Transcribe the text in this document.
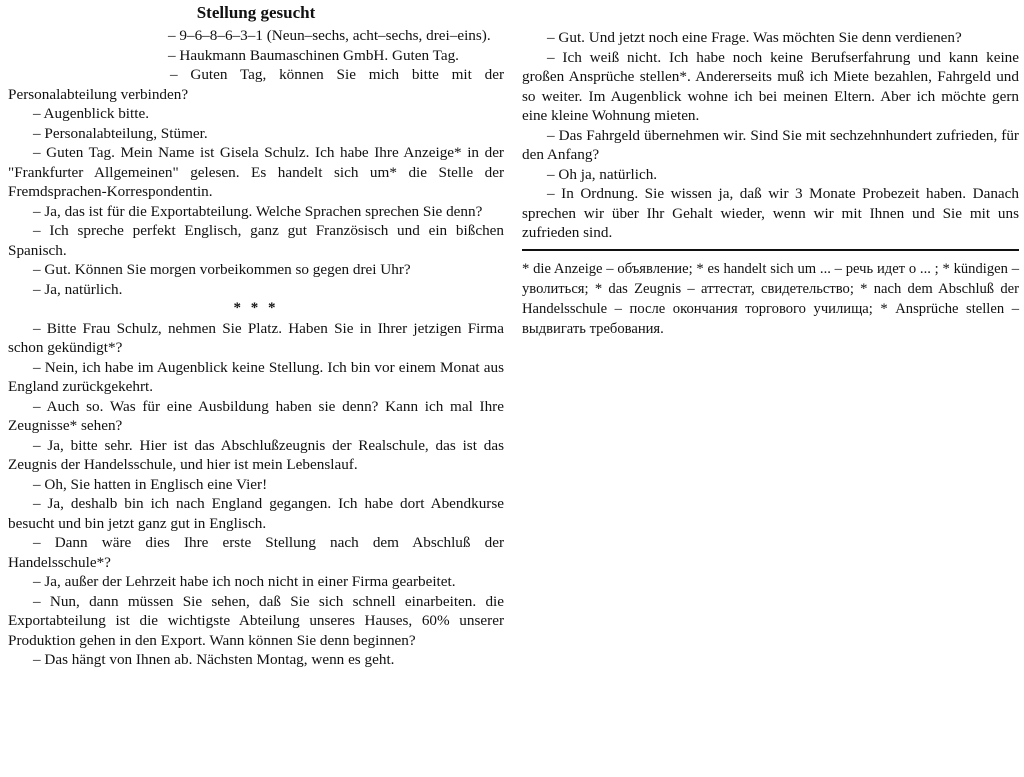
Stellung gesucht

– 9–6–8–6–3–1 (Neun–sechs, acht–sechs, drei–eins).

– Haukmann Baumaschinen GmbH. Guten Tag.

– Guten Tag, können Sie mich bitte mit der Personalabteilung verbinden?

– Augenblick bitte.

– Personalabteilung, Stümer.

– Guten Tag. Mein Name ist Gisela Schulz. Ich habe Ihre Anzeige* in der "Frankfurter Allgemeinen" gelesen. Es handelt sich um* die Stelle der Fremdsprachen-Korrespondentin.

– Ja, das ist für die Exportabteilung. Welche Sprachen sprechen Sie denn?

– Ich spreche perfekt Englisch, ganz gut Französisch und ein bißchen Spanisch.

– Gut. Können Sie morgen vorbeikommen so gegen drei Uhr?

– Ja, natürlich.

* * *

– Bitte Frau Schulz, nehmen Sie Platz. Haben Sie in Ihrer jetzigen Firma schon gekündigt*?

– Nein, ich habe im Augenblick keine Stellung. Ich bin vor einem Monat aus England zurückgekehrt.

– Auch so. Was für eine Ausbildung haben sie denn? Kann ich mal Ihre Zeugnisse* sehen?

– Ja, bitte sehr. Hier ist das Abschlußzeugnis der Realschule, das ist das Zeugnis der Handelsschule, und hier ist mein Lebenslauf.

– Oh, Sie hatten in Englisch eine Vier!

– Ja, deshalb bin ich nach England gegangen. Ich habe dort Abendkurse besucht und bin jetzt ganz gut in Englisch.

– Dann wäre dies Ihre erste Stellung nach dem Abschluß der Handelsschule*?

– Ja, außer der Lehrzeit habe ich noch nicht in einer Firma gearbeitet.

– Nun, dann müssen Sie sehen, daß Sie sich schnell einarbeiten. die Exportabteilung ist die wichtigste Abteilung unseres Hauses, 60% unserer Produktion gehen in den Export. Wann können Sie denn beginnen?

– Das hängt von Ihnen ab. Nächsten Montag, wenn es geht.

– Gut. Und jetzt noch eine Frage. Was möchten Sie denn verdienen?

– Ich weiß nicht. Ich habe noch keine Berufserfahrung und kann keine großen Ansprüche stellen*. Andererseits muß ich Miete bezahlen, Fahrgeld und so weiter. Im Augenblick wohne ich bei meinen Eltern. Aber ich möchte gern eine kleine Wohnung mieten.

– Das Fahrgeld übernehmen wir. Sind Sie mit sechzehnhundert zufrieden, für den Anfang?

– Oh ja, natürlich.

– In Ordnung. Sie wissen ja, daß wir 3 Monate Probezeit haben. Danach sprechen wir über Ihr Gehalt wieder, wenn wir mit Ihnen und Sie mit uns zufrieden sind.

* die Anzeige – объявление; * es handelt sich um ... – речь идет о ... ; * kündigen – уволиться; * das Zeugnis – аттестат, свидетельство; * nach dem Abschluß der Handelsschule – после окончания торгового училища; * Ansprüche stellen – выдвигать требования.
